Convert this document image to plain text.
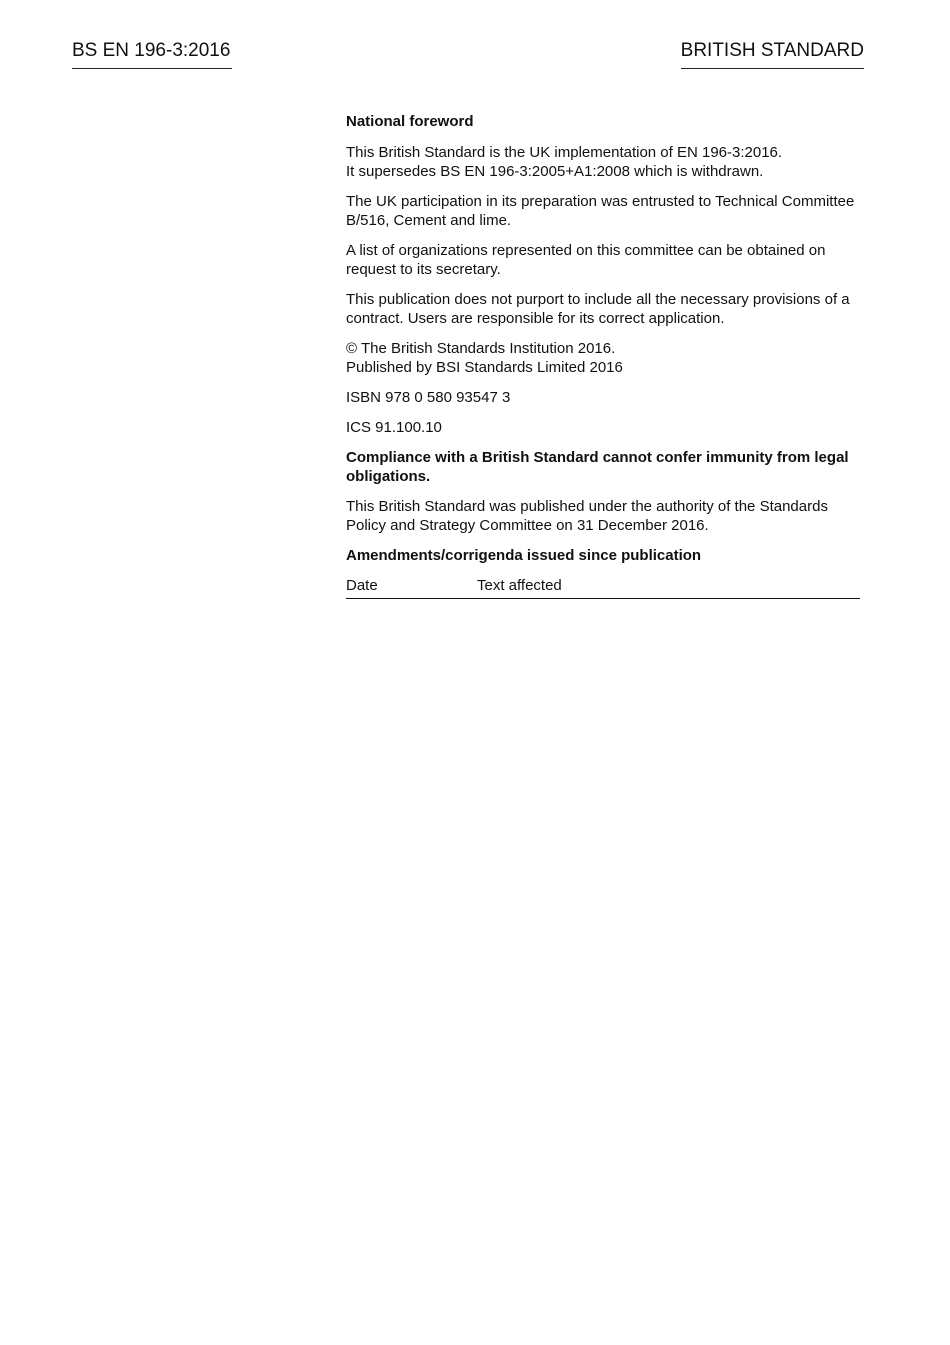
BS EN 196-3:2016	BRITISH STANDARD

National foreword

This British Standard is the UK implementation of EN 196-3:2016.
It supersedes BS EN 196-3:2005+A1:2008 which is withdrawn.

The UK participation in its preparation was entrusted to Technical Committee B/516, Cement and lime.

A list of organizations represented on this committee can be obtained on request to its secretary.

This publication does not purport to include all the necessary provisions of a contract. Users are responsible for its correct application.

© The British Standards Institution 2016.
Published by BSI Standards Limited 2016

ISBN 978 0 580 93547 3

ICS 91.100.10

Compliance with a British Standard cannot confer immunity from legal obligations.

This British Standard was published under the authority of the Standards Policy and Strategy Committee on 31 December 2016.

Amendments/corrigenda issued since publication

Date	Text affected
